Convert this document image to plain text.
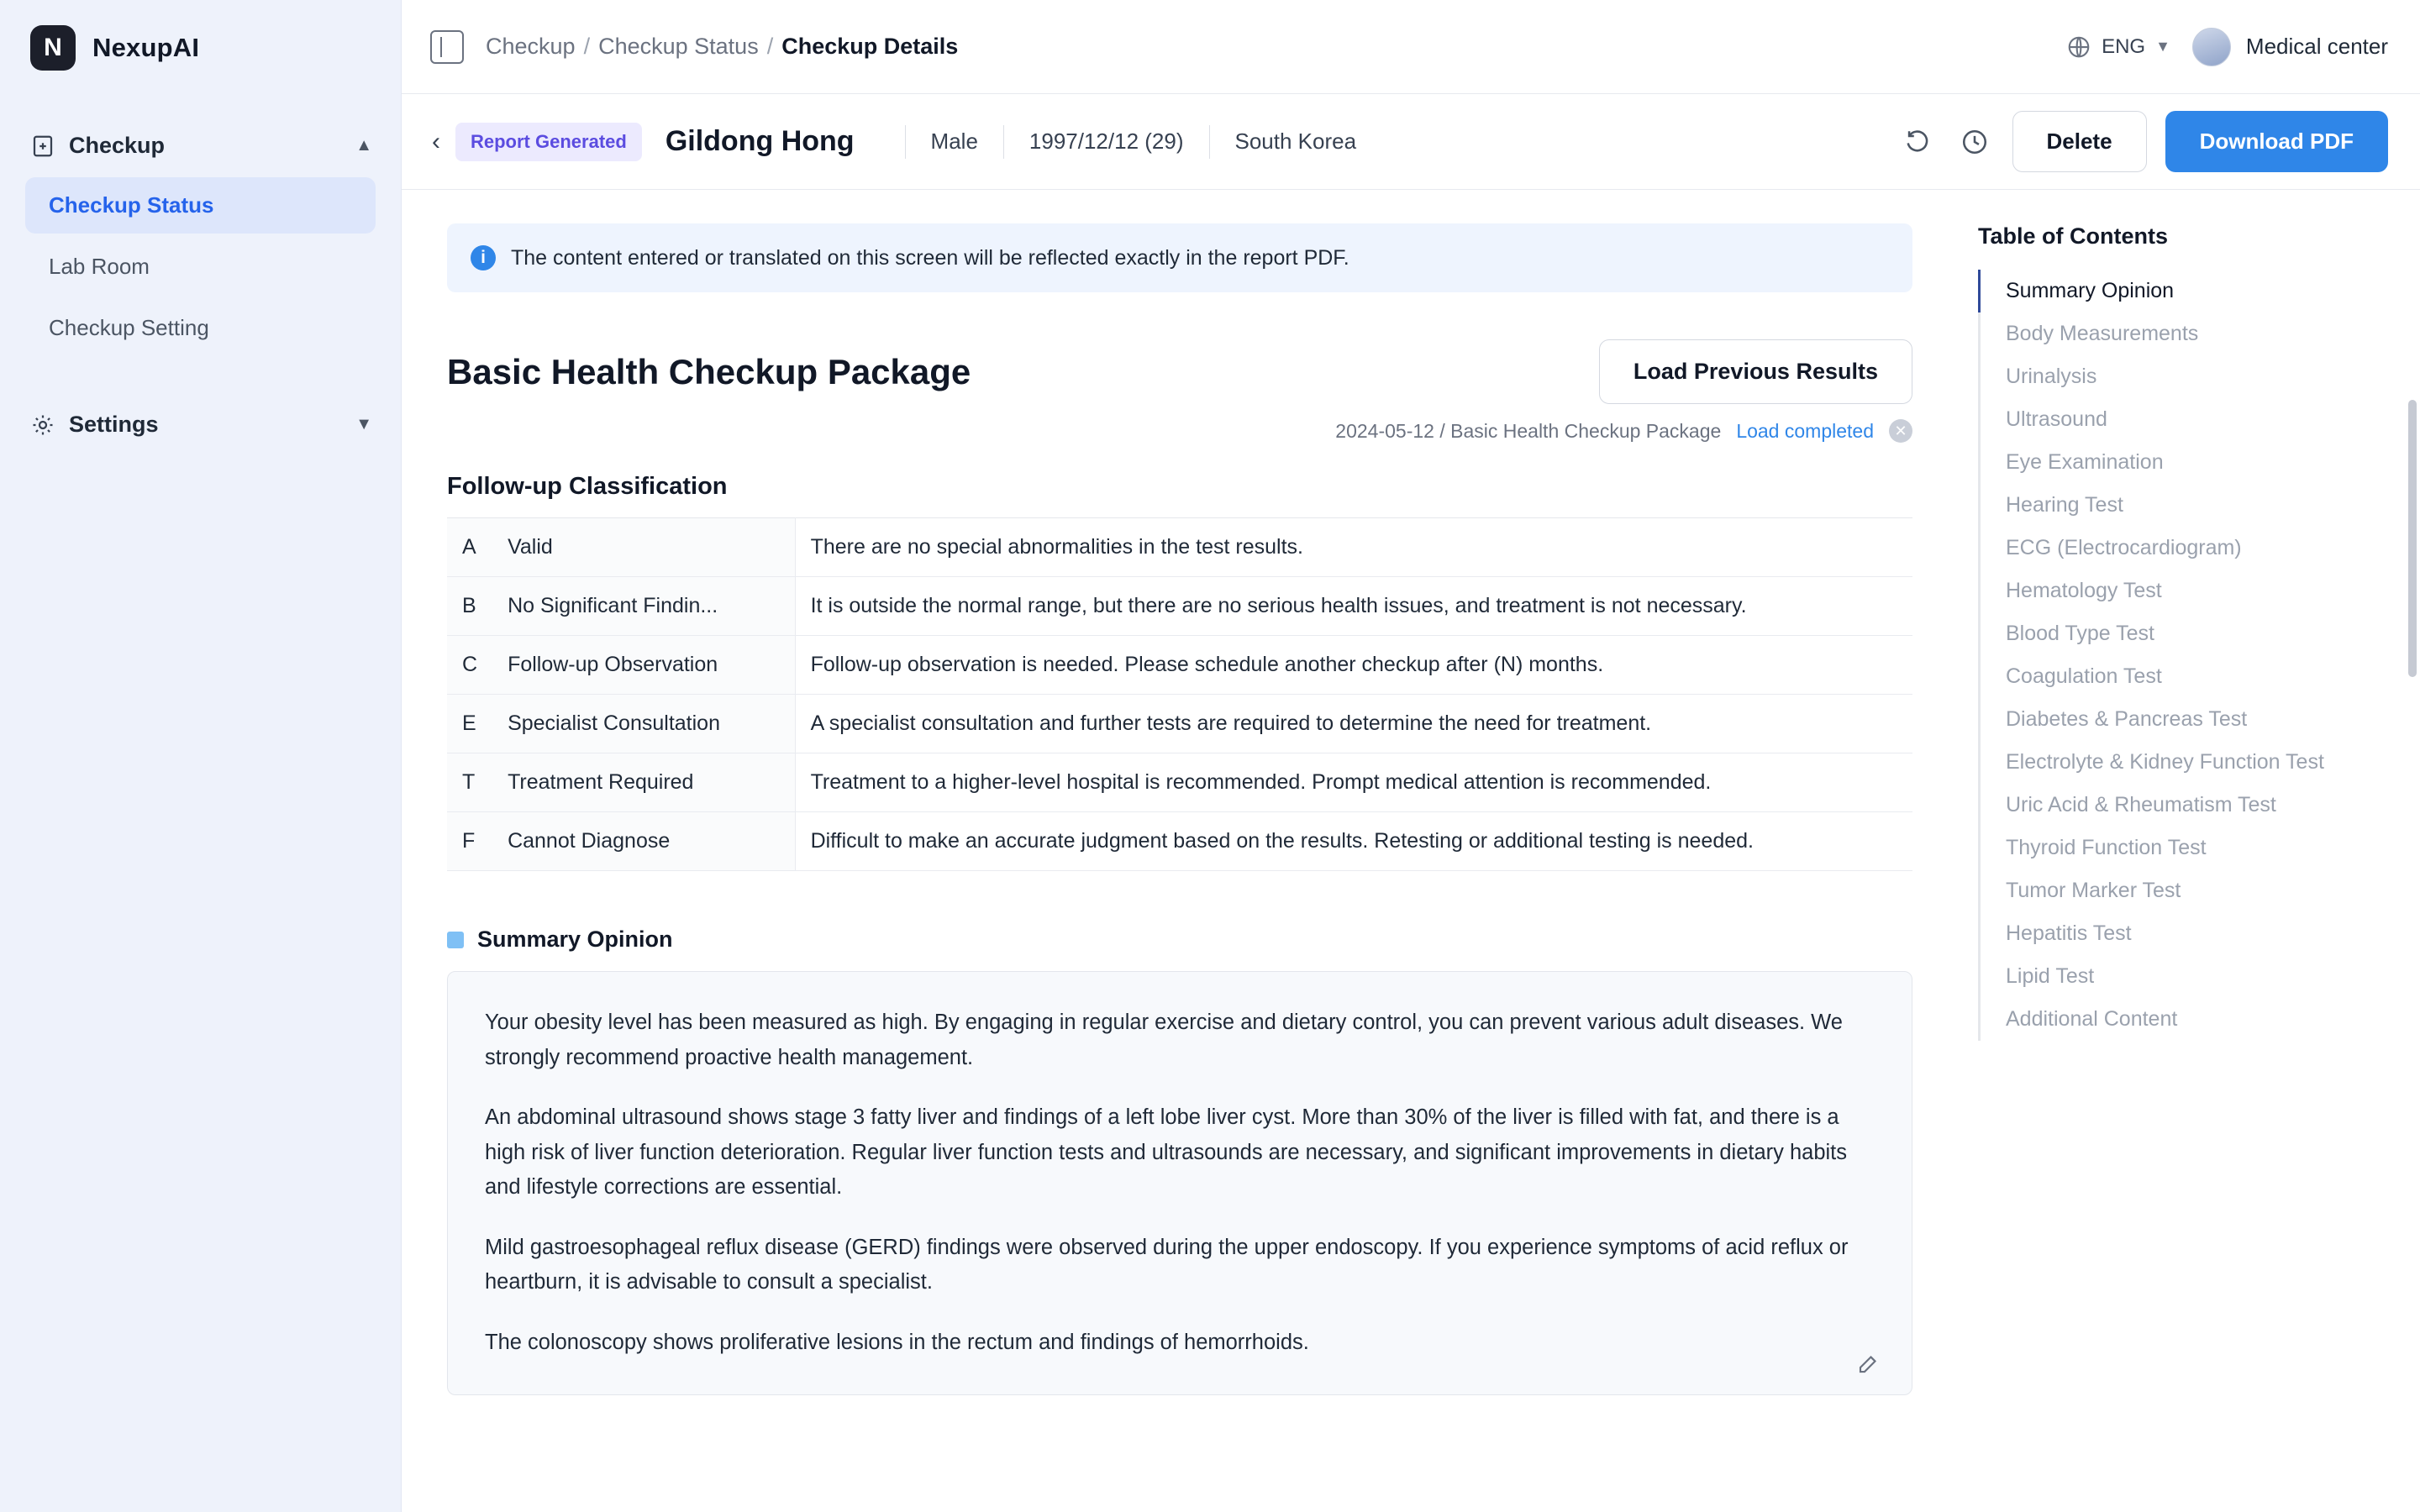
N	NexupAI
Checkup	▲
Checkup Status
Lab Room
Checkup Setting
Settings	▼
Checkup / Checkup Status / Checkup Details	ENG ▼	Medical center
‹	Report Generated	Gildong Hong	Male 1997/12/12 (29) South Korea	Delete	Download PDF
i	The content entered or translated on this screen will be reflected exactly in the report PDF.
Basic Health Checkup Package	Load Previous Results
2024-05-12 / Basic Health Checkup Package Load completed	✕
Follow-up Classification
A	Valid	There are no special abnormalities in the test results.
B	No Significant Findin...	It is outside the normal range, but there are no serious health issues, and treatment is not necessary.
C	Follow-up Observation	Follow-up observation is needed. Please schedule another checkup after (N) months.
E	Specialist Consultation	A specialist consultation and further tests are required to determine the need for treatment.
T	Treatment Required	Treatment to a higher-level hospital is recommended. Prompt medical attention is recommended.
F	Cannot Diagnose	Difficult to make an accurate judgment based on the results. Retesting or additional testing is needed.
Summary Opinion

Your obesity level has been measured as high. By engaging in regular exercise and dietary control, you can prevent various adult diseases. We strongly recommend proactive health management.

An abdominal ultrasound shows stage 3 fatty liver and findings of a left lobe liver cyst. More than 30% of the liver is filled with fat, and there is a high risk of liver function deterioration. Regular liver function tests and ultrasounds are necessary, and significant improvements in dietary habits and lifestyle corrections are essential.

Mild gastroesophageal reflux disease (GERD) findings were observed during the upper endoscopy. If you experience symptoms of acid reflux or heartburn, it is advisable to consult a specialist.

The colonoscopy shows proliferative lesions in the rectum and findings of hemorrhoids.

Table of Contents
Summary Opinion
Body Measurements
Urinalysis
Ultrasound
Eye Examination
Hearing Test
ECG (Electrocardiogram)
Hematology Test
Blood Type Test
Coagulation Test
Diabetes & Pancreas Test
Electrolyte & Kidney Function Test
Uric Acid & Rheumatism Test
Thyroid Function Test
Tumor Marker Test
Hepatitis Test
Lipid Test
Additional Content
